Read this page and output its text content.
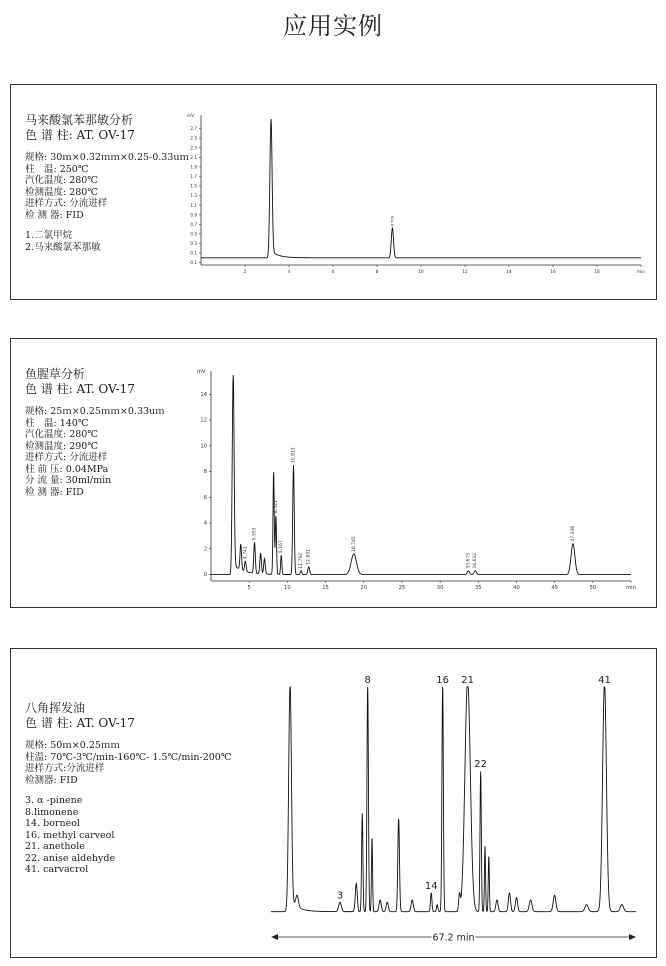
应用实例
马来酸氯苯那敏分析
色 谱 柱: AT. OV-17
规格: 30ｍ×0.32ｍｍ×0.25-0.33uｍ
柱　温: 250℃
汽化温度: 280℃
检测温度: 280℃
进样方式: 分流进样
检 测 器: FID
1.二氯甲烷
2.马来酸氯苯那敏
-0.1
0.1
0.3
0.5
0.7
0.9
1.1
1.3
1.5
1.7
1.9
2.1
2.3
2.5
2.7
2	4	6	8	10	12	14	16	18	min
mV
8.709
鱼腥草分析
色 谱 柱: AT. OV-17
规格: 25ｍ×0.25ｍｍ×0.33uｍ
柱　温: 140℃
汽化温度: 280℃
检测温度: 290℃
进样方式: 分流进样
柱 前 压: 0.04MPa
分 流 量: 30ml/min
检 测 器: FID
0
2
4
6
8
10
12
14
5	10	15	20	25	30	35	40	45	50	min
mV
4.741
5.553
8.521
9.167
10.813
11.792 12.831
18.745
33.673 34.632
47.338
八角挥发油
色 谱 柱: AT. OV-17
规格: 50ｍ×0.25ｍｍ
柱温: 70℃-3℃/min-160℃- 1.5℃/min-200℃
进样方式:分流进样
检测器: FID
3. α -pinene
8.limonene
14. borneol
16. methyl carveol
21. anethole
22. anise aldehyde
41. carvacrol
3
8
14
16 21
22
41
67.2 min
